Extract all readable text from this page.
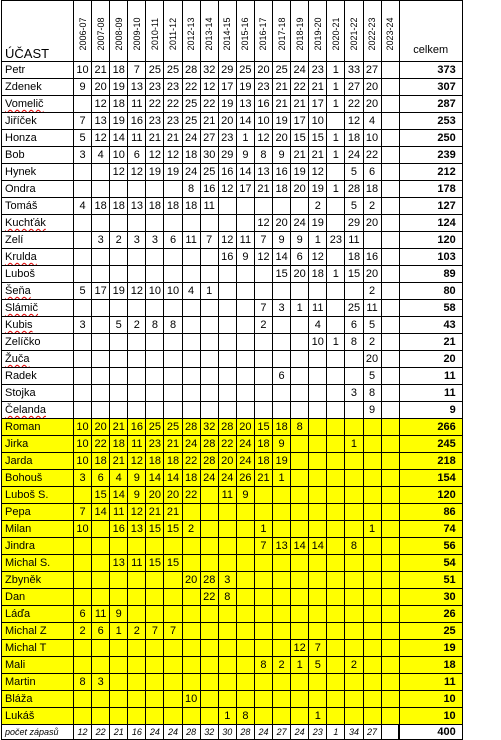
ÚČAST	2006-07	2007-08	2008-09	2009-10	2010-11	2011-12	2012-13	2013-14	2014-15	2015-16	2016-17	2017-18	2018-19	2019-20	2020-21	2021-22	2022-23	2023-24	celkem
Petr	10	21	18	7	25	25	28	32	29	25	20	25	24	23	1	33	27		373
Zdenek	9	20	19	13	23	23	22	12	17	19	23	21	22	21	1	27	20		307
Vomelič		12	18	11	22	22	25	22	19	13	16	21	21	17	1	22	20		287
Jiříček	7	13	19	16	23	23	25	21	20	14	10	19	17	10		12	4		253
Honza	5	12	14	11	21	21	24	27	23	1	12	20	15	15	1	18	10		250
Bob	3	4	10	6	12	12	18	30	29	9	8	9	21	21	1	24	22		239
Hynek			12	12	19	19	24	25	16	14	13	16	19	12		5	6		212
Ondra							8	16	12	17	21	18	20	19	1	28	18		178
Tomáš	4	18	18	13	18	18	18	11						2		5	2		127
Kuchťák											12	20	24	19		29	20		124
Zelí		3	2	3	3	6	11	7	12	11	7	9	9	1	23	11			120
Krulda									16	9	12	14	6	12		18	16		103
Luboš												15	20	18	1	15	20		89
Šeňa	5	17	19	12	10	10	4	1									2		80
Slámič											7	3	1	11		25	11		58
Kubis	3		5	2	8	8					2			4		6	5		43
Zelíčko														10	1	8	2		21
Žuča																	20		20
Radek												6					5		11
Stojka																3	8		11
Čelanda																	9		9
Roman	10	20	21	16	25	25	28	32	28	20	15	18	8						266
Jirka	10	22	18	11	23	21	24	28	22	24	18	9				1			245
Jarda	10	18	21	12	18	18	22	28	20	24	18	19							218
Bohouš	3	6	4	9	14	14	18	24	24	26	21	1							154
Luboš S.		15	14	9	20	20	22		11	9									120
Pepa	7	14	11	12	21	21													86
Milan	10		16	13	15	15	2				1						1		74
Jindra											7	13	14	14		8			56
Michal S.			13	11	15	15													54
Zbyněk							20	28	3										51
Dan								22	8										30
Láďa	6	11	9																26
Michal Z	2	6	1	2	7	7													25
Michal T													12	7					19
Mali											8	2	1	5		2			18
Martin	8	3																	11
Bláža							10												10
Lukáš									1	8				1					10
počet zápasů	12	22	21	16	24	24	28	32	30	28	24	27	24	23	1	34	27		400
